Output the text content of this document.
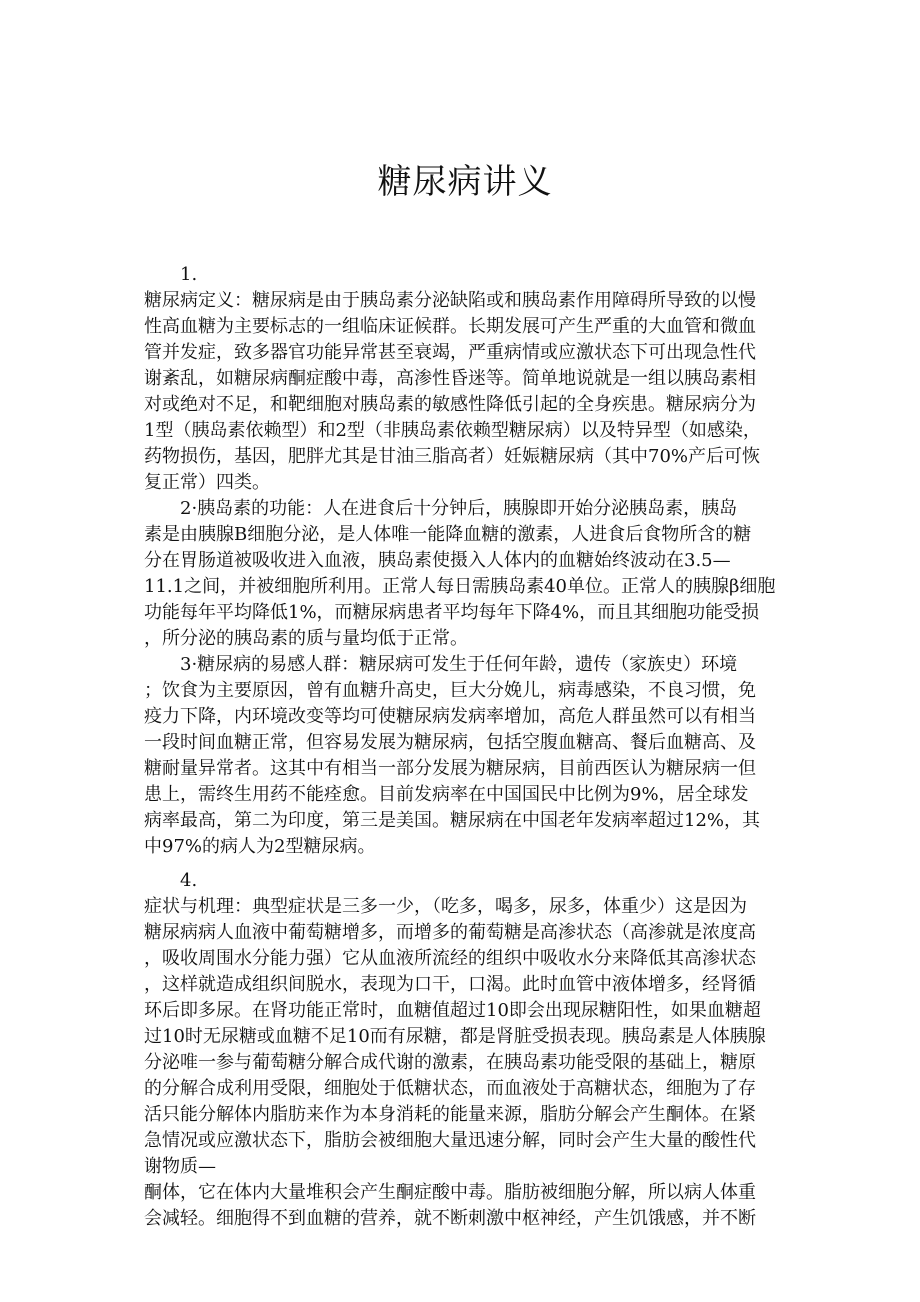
糖尿病讲义
1.
糖尿病定义：糖尿病是由于胰岛素分泌缺陷或和胰岛素作用障碍所导致的以慢
性高血糖为主要标志的一组临床证候群。长期发展可产生严重的大血管和微血
管并发症，致多器官功能异常甚至衰竭，严重病情或应激状态下可出现急性代
谢紊乱，如糖尿病酮症酸中毒，高渗性昏迷等。简单地说就是一组以胰岛素相
对或绝对不足，和靶细胞对胰岛素的敏感性降低引起的全身疾患。糖尿病分为
1型（胰岛素依赖型）和2型（非胰岛素依赖型糖尿病）以及特异型（如感染，
药物损伤，基因，肥胖尤其是甘油三脂高者）妊娠糖尿病（其中70%产后可恢
复正常）四类。
2·胰岛素的功能：人在进食后十分钟后，胰腺即开始分泌胰岛素，胰岛
素是由胰腺B细胞分泌，是人体唯一能降血糖的激素，人进食后食物所含的糖
分在胃肠道被吸收进入血液，胰岛素使摄入人体内的血糖始终波动在3.5—
11.1之间，并被细胞所利用。正常人每日需胰岛素40单位。正常人的胰腺β细胞
功能每年平均降低1%，而糖尿病患者平均每年下降4%，而且其细胞功能受损
，所分泌的胰岛素的质与量均低于正常。
3·糖尿病的易感人群：糖尿病可发生于任何年龄，遗传（家族史）环境
；饮食为主要原因，曾有血糖升高史，巨大分娩儿，病毒感染，不良习惯，免
疫力下降，内环境改变等均可使糖尿病发病率增加，高危人群虽然可以有相当
一段时间血糖正常，但容易发展为糖尿病，包括空腹血糖高、餐后血糖高、及
糖耐量异常者。这其中有相当一部分发展为糖尿病，目前西医认为糖尿病一但
患上，需终生用药不能痊愈。目前发病率在中国国民中比例为9%，居全球发
病率最高，第二为印度，第三是美国。糖尿病在中国老年发病率超过12%，其
中97%的病人为2型糖尿病。
4.
症状与机理：典型症状是三多一少，（吃多，喝多，尿多，体重少）这是因为
糖尿病病人血液中葡萄糖增多，而增多的葡萄糖是高渗状态（高渗就是浓度高
，吸收周围水分能力强）它从血液所流经的组织中吸收水分来降低其高渗状态
，这样就造成组织间脱水，表现为口干，口渴。此时血管中液体增多，经肾循
环后即多尿。在肾功能正常时，血糖值超过10即会出现尿糖阳性，如果血糖超
过10时无尿糖或血糖不足10而有尿糖，都是肾脏受损表现。胰岛素是人体胰腺
分泌唯一参与葡萄糖分解合成代谢的激素，在胰岛素功能受限的基础上，糖原
的分解合成利用受限，细胞处于低糖状态，而血液处于高糖状态，细胞为了存
活只能分解体内脂肪来作为本身消耗的能量来源，脂肪分解会产生酮体。在紧
急情况或应激状态下，脂肪会被细胞大量迅速分解，同时会产生大量的酸性代
谢物质—
酮体，它在体内大量堆积会产生酮症酸中毒。脂肪被细胞分解，所以病人体重
会减轻。细胞得不到血糖的营养，就不断刺激中枢神经，产生饥饿感，并不断
